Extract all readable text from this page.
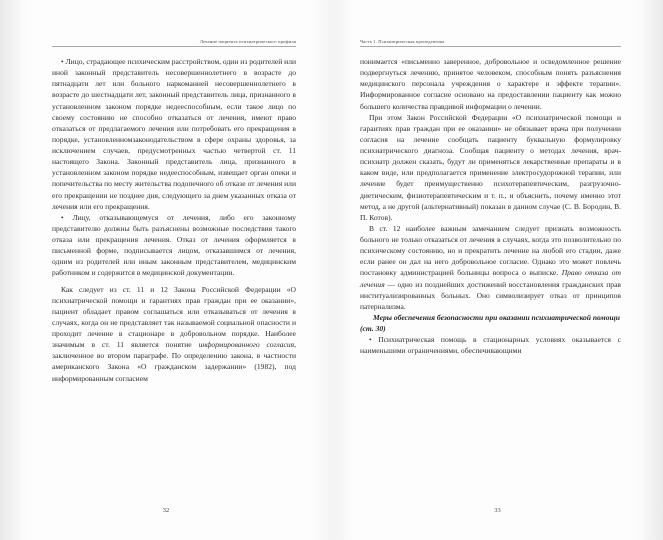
Лечение пациента психиатрического профиля

• Лицо, страдающее психическим расстройством, один из родителей или иной законный представитель несовершеннолетнего в возрасте до пятнадцати лет или больного наркоманией несовершеннолетнего в возрасте до шестнадцати лет, законный представитель лица, признанного в установленном законом порядке недееспособным, если такое лицо по своему состоянию не способно отказаться от лечения, имеют право отказаться от предлагаемого лечения или потребовать его прекращения в порядке, установленномзаконодательством в сфере охраны здоровья, за исключением случаев, предусмотренных частью четвертой ст. 11 настоящего Закона. Законный представитель лица, признанного в установленном законом порядке недееспособным, извещает орган опеки и попечительства по месту жительства подопечного об отказе от лечения или его прекращении не позднее дня, следующего за днем указанных отказа от лечения или его прекращения.

• Лицу, отказывающемуся от лечения, либо его законному представителю должны быть разъяснены возможные последствия такого отказа или прекращения лечения. Отказ от лечения оформляется в письменной форме, подписывается лицом, отказавшимся от лечения, одним из родителей или иным законным представителем, медицинским работником и содержится в медицинской документации.

Как следует из ст. 11 и 12 Закона Российской Федерации «О психиатрической помощи и гарантиях прав граждан при ее оказании», пациент обладает правом соглашаться или отказываться от лечения в случаях, когда он не представляет так называемой социальной опасности и проходит лечение в стационаре в добровольном порядке. Наиболее значимым в ст. 11 является понятие информированного согласия, заключенное во втором параграфе. По определению закона, в частности американского Закона «О гражданском задержании» (1982), под информированным согласием

32
Часть 1. Психиатрическая пропедевтика

понимается «письменно заверенное, добровольное и осведомленное решение подвергнуться лечению, принятое человеком, способным понять разъяснения медицинского персонала учреждения о характере и эффекте терапии». Информированное согласие основано на предоставлении пациенту как можно большего количества правдивой информации о лечении.

При этом Закон Российской Федерации «О психиатрической помощи и гарантиях прав граждан при ее оказании» не обязывает врача при получении согласия на лечение сообщать пациенту буквальную формулировку психиатрического диагноза. Сообщая пациенту о методах лечения, врач-психиатр должен сказать, будут ли применяться лекарственные препараты и в каком виде, или предполагается применение электросудорожной терапии, или лечение будет преимущественно психотерапевтическим, разгрузочно-диетическим, физиотерапевтическим и т. п., и объяснить, почему именно этот метод, а не другой (альтернативный) показан в данном случае (С. В. Бородин, В. П. Котов).

В ст. 12 наиболее важным замечанием следует признать возможность больного не только отказаться от лечения в случаях, когда это позволительно по психическому состоянию, но и прекратить лечение на любой его стадии, даже если ранее он дал на него добровольное согласие. Однако это может повлечь постановку администрацией больницы вопроса о выписке. Право отказа от лечения — одно из позднейших достижений восстановления гражданских прав институализированных больных. Оно символизирует отказ от принципов патернализма.

Меры обеспечения безопасности при оказании психиатрической помощи (ст. 30)

• Психиатрическая помощь в стационарных условиях оказывается с наименьшими ограничениями, обеспечивающими

33
